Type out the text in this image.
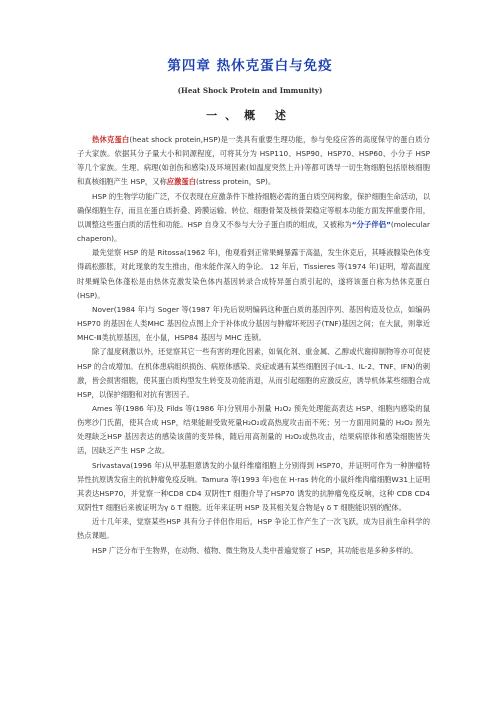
第四章 热休克蛋白与免疫
(Heat Shock Protein and Immunity)
一、概 述

热休克蛋白(heat shock protein,HSP)是一类具有重要生理功能，参与免疫应答的高度保守的蛋白质分子大家族。依据其分子量大小和同源程度，可将其分为 HSP110、HSP90、HSP70、HSP60、小分子 HSP 等几个家族。生理、病理(如创伤和感染)及环境因素(如温度突然上升)等都可诱导一切生物细胞包括原核细胞和真核细胞产生 HSP，又称应激蛋白(stress protein，SP)。

HSP 的生物学功能广泛，不仅表现在应激条件下维持细胞必需的蛋白质空间构象，保护细胞生命活动，以确保细胞生存，而且在蛋白质折叠、跨膜运输、转位、细胞骨架及核骨架稳定等根本功能方面发挥重要作用，以调整这些蛋白质的活性和功能。HSP 自身又不参与大分子蛋白质的组成，又被称为“分子伴侣”(molecular chaperon)。

最先觉察 HSP 的是 Ritossa(1962 年)，他观看到正常果蝇暴露于高温，发生休克后，其唾液腺染色体变得疏松膨胀，对此现象的发生推由，他未能作深入的争论。 12 年后，Tissieres 等(1974 年)证明，增高温度时果蝇染色体蓬松是由热休克激发染色体内基因转录合成特异蛋白质引起的，遂将该蛋白称为热休克蛋白(HSP)。

Nover(1984 年)与 Soger 等(1987 年)先后说明编码这种蛋白质的基因序列、基因构造及位点，如编码HSP70 的基因在人类MHC 基因位点图上介于补体成分基因与肿瘤坏死因子(TNF)基因之间；在大鼠，则靠近 MHC-Ⅲ类抗原基因，在小鼠，HSP84 基因与 MHC 连锁。

除了温度刺激以外，还觉察其它一些有害的理化因素，如氧化剂、重金属、乙醇或代谢抑制物等亦可促使 HSP 的合成增加。在机体患病组织损伤、病原体感染、炎症或遇有某些细胞因子(IL-1、IL-2、TNF、IFN)的刺激，皆会损害细胞，使其蛋白质构型发生转变及功能消退，从而引起细胞的应激反应，诱导机体某些细胞合成 HSP，以保护细胞和对抗有害因子。

Ames 等(1986 年)及 Filds 等(1986 年)分别用小剂量 H₂O₂ 预先处理能高表达 HSP、细胞内感染的鼠伤寒沙门氏菌，使其合成 HSP，结果能耐受致死量H₂O₂或高热度攻击而不死；另一方面用同量的 H₂O₂ 预先处理缺乏HSP 基因表达的感染该菌的变异株，随后用高剂量的 H₂O₂或热攻击，结果病原体和感染细胞皆失活，因缺乏产生 HSP 之故。

Srivastava(1996 年)从甲基胆蒽诱发的小鼠纤维瘤细胞上分别得到 HSP70，并证明可作为一种肿瘤特异性抗原诱发宿主的抗肿瘤免疫反响。Tamura 等(1993 年)也在 H-ras 转化的小鼠纤维肉瘤细胞W31上证明其表达HSP70，并觉察一种CD8 CD4 双阴性T 细胞介导了HSP70 诱发的抗肿瘤免疫反响，这种 CD8 CD4 双阴性T 细胞后来被证明为γ δ T 细胞。近年来证明 HSP 及其相关复合物是γ δ T 细胞能识别的配体。

近十几年来，觉察某些HSP 具有分子伴侣作用后，HSP 争论工作产生了一次飞跃，成为目前生命科学的热点课题。

HSP 广泛分布于生物界，在动物、植物、微生物及人类中普遍觉察了 HSP，其功能也是多种多样的。
